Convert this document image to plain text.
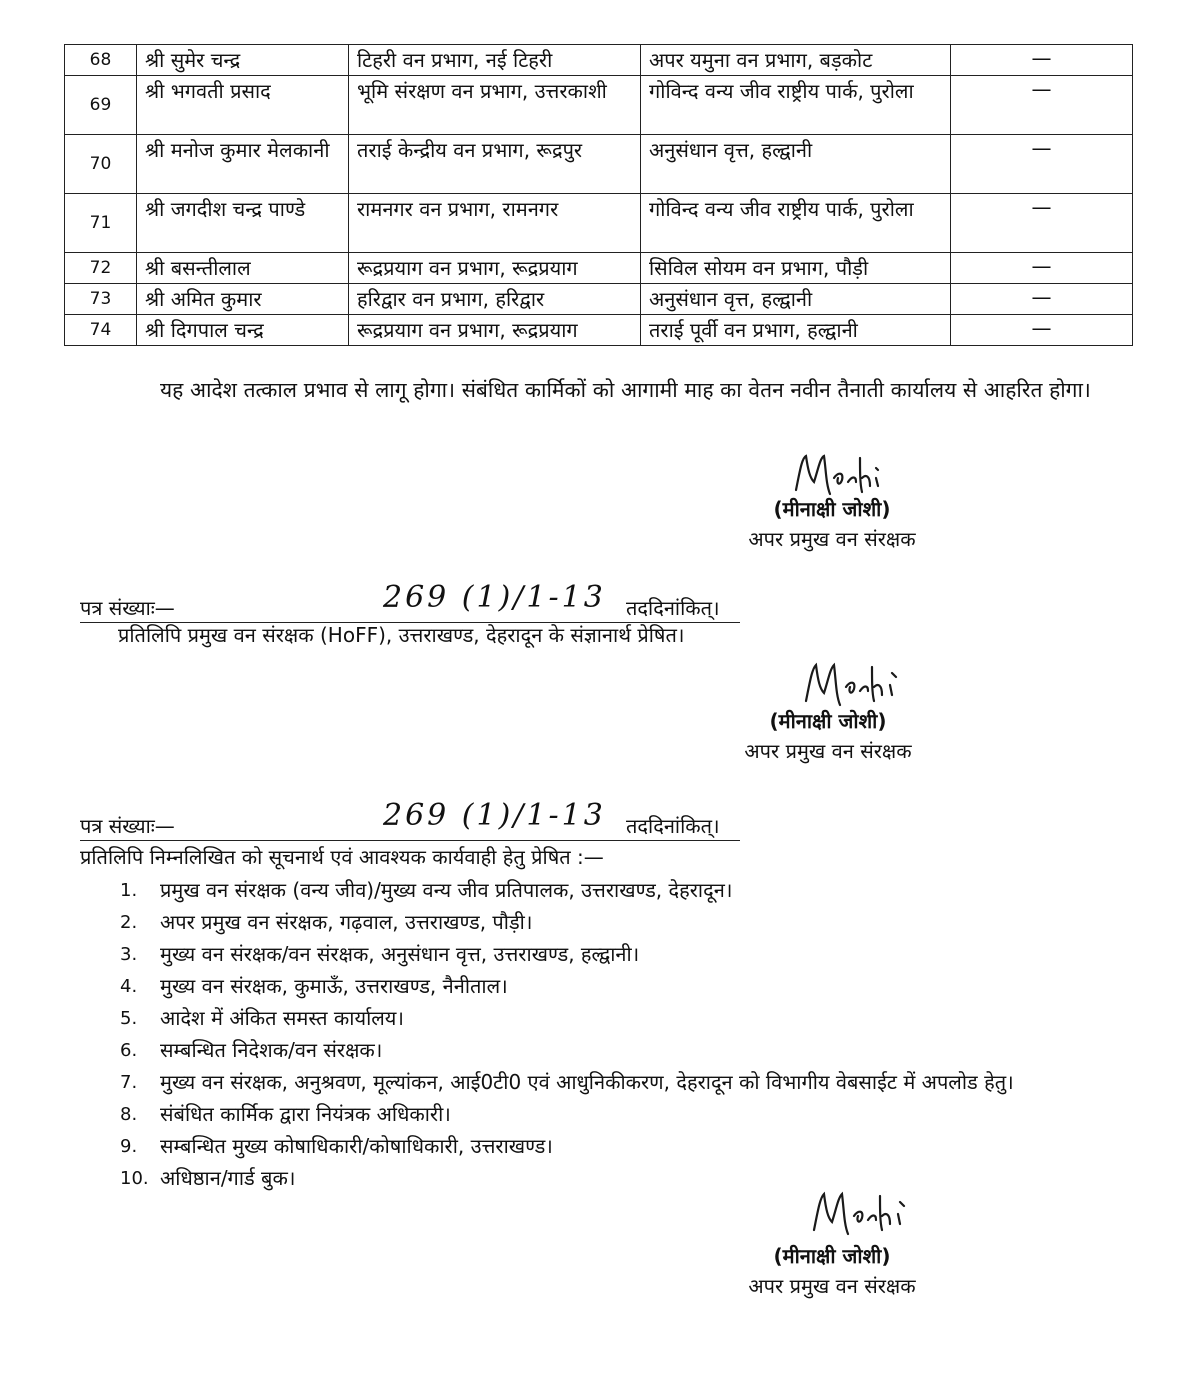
68	श्री सुमेर चन्द्र	टिहरी वन प्रभाग, नई टिहरी	अपर यमुना वन प्रभाग, बड़कोट	—
69	श्री भगवती प्रसाद	भूमि संरक्षण वन प्रभाग, उत्तरकाशी	गोविन्द वन्य जीव राष्ट्रीय पार्क, पुरोला	—
70	श्री मनोज कुमार मेलकानी	तराई केन्द्रीय वन प्रभाग, रूद्रपुर	अनुसंधान वृत्त, हल्द्वानी	—
71	श्री जगदीश चन्द्र पाण्डे	रामनगर वन प्रभाग, रामनगर	गोविन्द वन्य जीव राष्ट्रीय पार्क, पुरोला	—
72	श्री बसन्तीलाल	रूद्रप्रयाग वन प्रभाग, रूद्रप्रयाग	सिविल सोयम वन प्रभाग, पौड़ी	—
73	श्री अमित कुमार	हरिद्वार वन प्रभाग, हरिद्वार	अनुसंधान वृत्त, हल्द्वानी	—
74	श्री दिगपाल चन्द्र	रूद्रप्रयाग वन प्रभाग, रूद्रप्रयाग	तराई पूर्वी वन प्रभाग, हल्द्वानी	—
यह आदेश तत्काल प्रभाव से लागू होगा। संबंधित कार्मिकों को आगामी माह का वेतन नवीन तैनाती कार्यालय से आहरित होगा।
(मीनाक्षी जोशी)
अपर प्रमुख वन संरक्षक
पत्र संख्याः—	269 (1)/1-13 तददिनांकित्।
प्रतिलिपि प्रमुख वन संरक्षक (HoFF), उत्तराखण्ड, देहरादून के संज्ञानार्थ प्रेषित।
(मीनाक्षी जोशी)
अपर प्रमुख वन संरक्षक
पत्र संख्याः—	269 (1)/1-13 तददिनांकित्।
प्रतिलिपि निम्नलिखित को सूचनार्थ एवं आवश्यक कार्यवाही हेतु प्रेषित :—
1. प्रमुख वन संरक्षक (वन्य जीव)/मुख्य वन्य जीव प्रतिपालक, उत्तराखण्ड, देहरादून।
2. अपर प्रमुख वन संरक्षक, गढ़वाल, उत्तराखण्ड, पौड़ी।
3. मुख्य वन संरक्षक/वन संरक्षक, अनुसंधान वृत्त, उत्तराखण्ड, हल्द्वानी।
4. मुख्य वन संरक्षक, कुमाऊँ, उत्तराखण्ड, नैनीताल।
5. आदेश में अंकित समस्त कार्यालय।
6. सम्बन्धित निदेशक/वन संरक्षक।
7. मुख्य वन संरक्षक, अनुश्रवण, मूल्यांकन, आई0टी0 एवं आधुनिकीकरण, देहरादून को विभागीय वेबसाईट में अपलोड हेतु।
8. संबंधित कार्मिक द्वारा नियंत्रक अधिकारी।
9. सम्बन्धित मुख्य कोषाधिकारी/कोषाधिकारी, उत्तराखण्ड।
10. अधिष्ठान/गार्ड बुक।
(मीनाक्षी जोशी)
अपर प्रमुख वन संरक्षक
